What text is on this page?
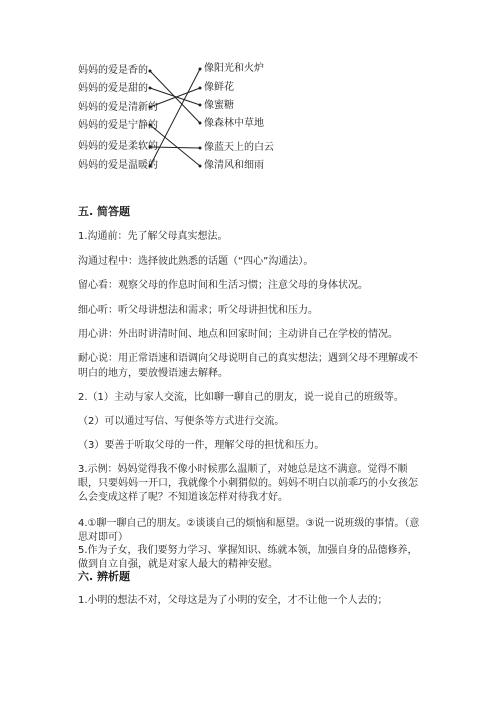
妈妈的爱是香的
妈妈的爱是甜的
妈妈的爱是清新的
妈妈的爱是宁静的
妈妈的爱是柔软的
妈妈的爱是温暖的
像阳光和火炉
像鲜花
像蜜糖
像森林中草地
像蓝天上的白云
像清风和细雨
五. 简答题
1.沟通前：先了解父母真实想法。
沟通过程中：选择彼此熟悉的话题（“四心”沟通法）。
留心看：观察父母的作息时间和生活习惯；注意父母的身体状况。
细心听：听父母讲想法和需求；听父母讲担忧和压力。
用心讲：外出时讲清时间、地点和回家时间；主动讲自己在学校的情况。
耐心说：用正常语速和语调向父母说明自己的真实想法；遇到父母不理解或不明白的地方，要放慢语速去解释。
2.（1）主动与家人交流，比如聊一聊自己的朋友，说一说自己的班级等。
（2）可以通过写信、写便条等方式进行交流。
（3）要善于听取父母的一件，理解父母的担忧和压力。
3.示例：妈妈觉得我不像小时候那么温顺了，对她总是这不满意。觉得不顺眼，只要妈妈一开口，我就像个小刺猬似的。妈妈不明白以前乖巧的小女孩怎么会变成这样了呢？不知道该怎样对待我才好。
4.①聊一聊自己的朋友。②谈谈自己的烦恼和愿望。③说一说班级的事情。（意思对即可）
5.作为子女，我们要努力学习、掌握知识、练就本领，加强自身的品德修养，做到自立自强，就是对家人最大的精神安慰。
六. 辨析题
1.小明的想法不对，父母这是为了小明的安全，才不让他一个人去的；
